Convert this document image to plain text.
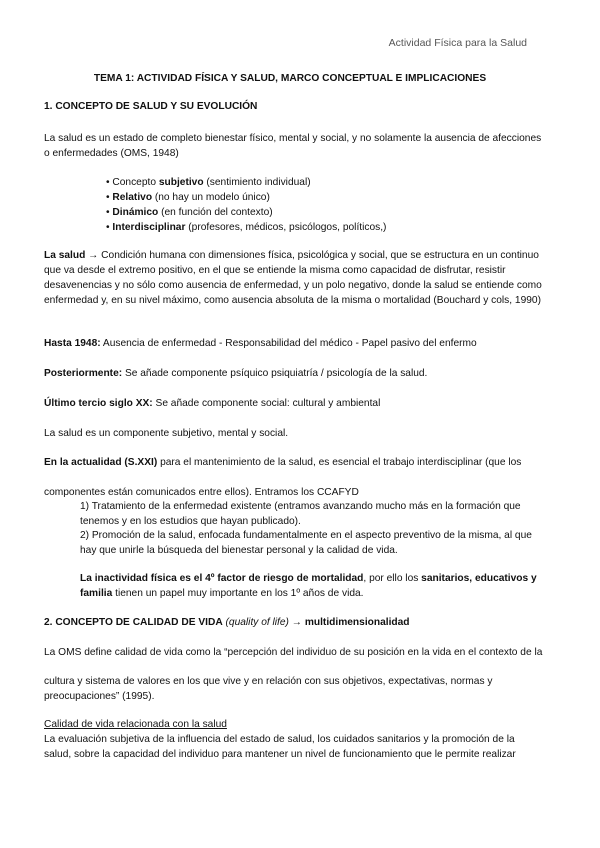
Actividad Física para la Salud
TEMA 1: ACTIVIDAD FÍSICA Y SALUD, MARCO CONCEPTUAL E IMPLICACIONES
1. CONCEPTO DE SALUD Y SU EVOLUCIÓN

La salud es un estado de completo bienestar físico, mental y social, y no solamente la ausencia de afecciones o enfermedades (OMS, 1948)

• Concepto subjetivo (sentimiento individual)
• Relativo (no hay un modelo único)
• Dinámico (en función del contexto)
• Interdisciplinar (profesores, médicos, psicólogos, políticos,)

La salud → Condición humana con dimensiones física, psicológica y social, que se estructura en un continuo que va desde el extremo positivo, en el que se entiende la misma como capacidad de disfrutar, resistir desavenencias y no sólo como ausencia de enfermedad, y un polo negativo, donde la salud se entiende como enfermedad y, en su nivel máximo, como ausencia absoluta de la misma o mortalidad (Bouchard y cols, 1990)

Hasta 1948: Ausencia de enfermedad - Responsabilidad del médico - Papel pasivo del enfermo

Posteriormente: Se añade componente psíquico psiquiatría / psicología de la salud.

Último tercio siglo XX: Se añade componente social: cultural y ambiental

La salud es un componente subjetivo, mental y social.

En la actualidad (S.XXI) para el mantenimiento de la salud, es esencial el trabajo interdisciplinar (que los

componentes están comunicados entre ellos). Entramos los CCAFYD

1) Tratamiento de la enfermedad existente (entramos avanzando mucho más en la formación que tenemos y en los estudios que hayan publicado).

2) Promoción de la salud, enfocada fundamentalmente en el aspecto preventivo de la misma, al que hay que unirle la búsqueda del bienestar personal y la calidad de vida.

La inactividad física es el 4º factor de riesgo de mortalidad, por ello los sanitarios, educativos y familia tienen un papel muy importante en los 1º años de vida.

2. CONCEPTO DE CALIDAD DE VIDA (quality of life) → multidimensionalidad

La OMS define calidad de vida como la “percepción del individuo de su posición en la vida en el contexto de la

cultura y sistema de valores en los que vive y en relación con sus objetivos, expectativas, normas y preocupaciones” (1995).

Calidad de vida relacionada con la salud

La evaluación subjetiva de la influencia del estado de salud, los cuidados sanitarios y la promoción de la salud, sobre la capacidad del individuo para mantener un nivel de funcionamiento que le permite realizar
